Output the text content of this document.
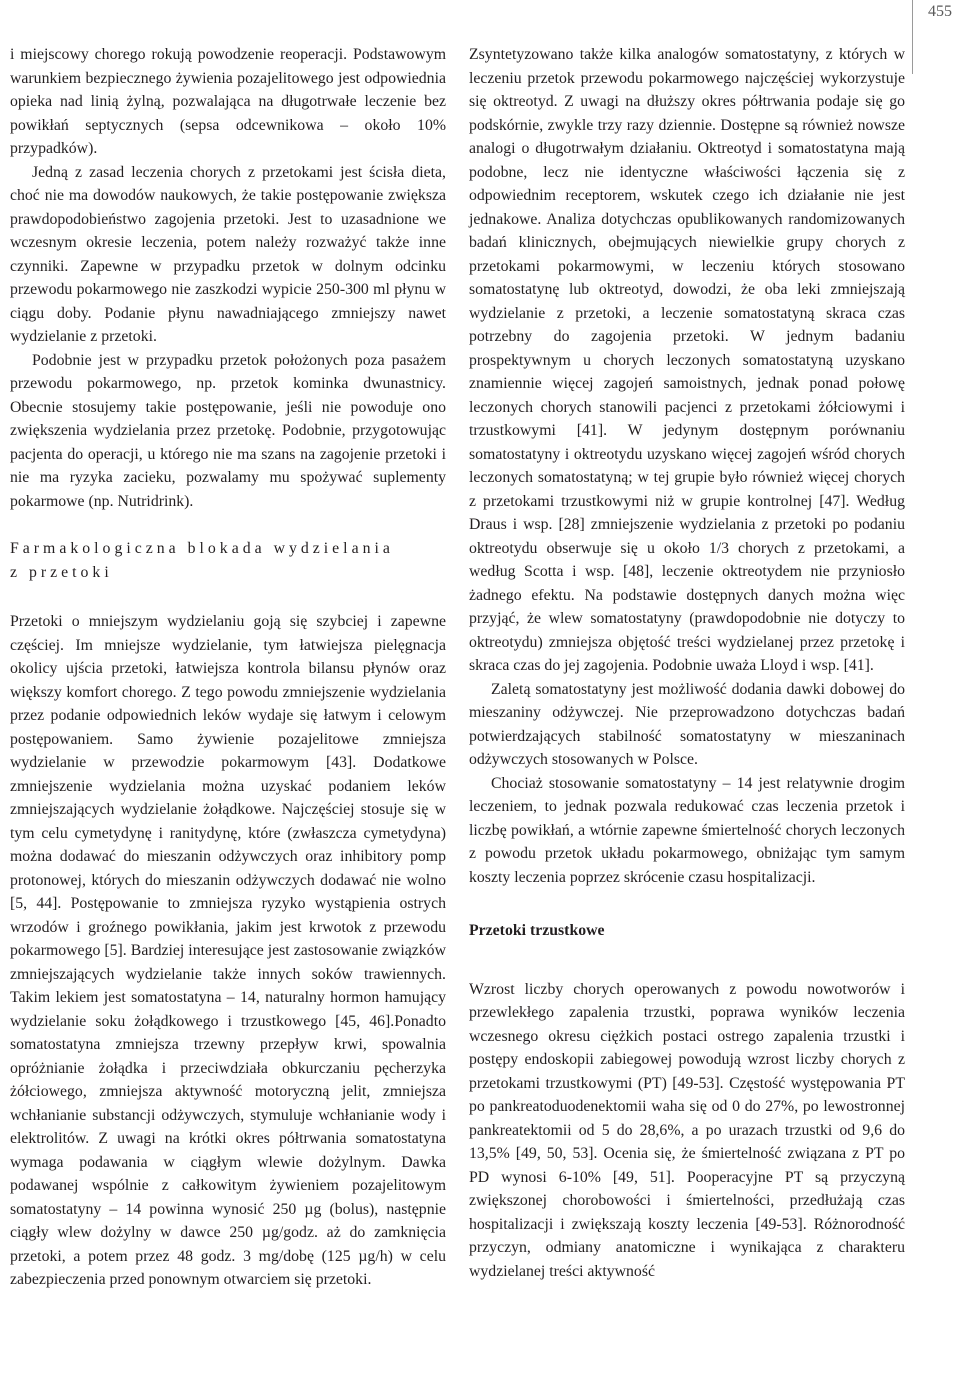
455

i miejscowy chorego rokują powodzenie reoperacji. Podstawowym warunkiem bezpiecznego żywienia pozajelitowego jest odpowiednia opieka nad linią żylną, pozwalająca na długotrwałe leczenie bez powikłań septycznych (sepsa odcewnikowa – około 10% przypadków).

Jedną z zasad leczenia chorych z przetokami jest ścisła dieta, choć nie ma dowodów naukowych, że takie postępowanie zwiększa prawdopodobieństwo zagojenia przetoki. Jest to uzasadnione we wczesnym okresie leczenia, potem należy rozważyć także inne czynniki. Zapewne w przypadku przetok w dolnym odcinku przewodu pokarmowego nie zaszkodzi wypicie 250-300 ml płynu w ciągu doby. Podanie płynu nawadniającego zmniejszy nawet wydzielanie z przetoki.

Podobnie jest w przypadku przetok położonych poza pasażem przewodu pokarmowego, np. przetok kominka dwunastnicy. Obecnie stosujemy takie postępowanie, jeśli nie powoduje ono zwiększenia wydzielania przez przetokę. Podobnie, przygotowując pacjenta do operacji, u którego nie ma szans na zagojenie przetoki i nie ma ryzyka zacieku, pozwalamy mu spożywać suplementy pokarmowe (np. Nutridrink).

Farmakologiczna blokada wydzielania
z przetoki

Przetoki o mniejszym wydzielaniu goją się szybciej i zapewne częściej. Im mniejsze wydzielanie, tym łatwiejsza pielęgnacja okolicy ujścia przetoki, łatwiejsza kontrola bilansu płynów oraz większy komfort chorego. Z tego powodu zmniejszenie wydzielania przez podanie odpowiednich leków wydaje się łatwym i celowym postępowaniem. Samo żywienie pozajelitowe zmniejsza wydzielanie w przewodzie pokarmowym [43]. Dodatkowe zmniejszenie wydzielania można uzyskać podaniem leków zmniejszających wydzielanie żołądkowe. Najczęściej stosuje się w tym celu cymetydynę i ranitydynę, które (zwłaszcza cymetydyna) można dodawać do mieszanin odżywczych oraz inhibitory pomp protonowej, których do mieszanin odżywczych dodawać nie wolno [5, 44]. Postępowanie to zmniejsza ryzyko wystąpienia ostrych wrzodów i groźnego powikłania, jakim jest krwotok z przewodu pokarmowego [5]. Bardziej interesujące jest zastosowanie związków zmniejszających wydzielanie także innych soków trawiennych. Takim lekiem jest somatostatyna – 14, naturalny hormon hamujący wydzielanie soku żołądkowego i trzustkowego [45, 46].Ponadto somatostatyna zmniejsza trzewny przepływ krwi, spowalnia opróżnianie żołądka i przeciwdziała obkurczaniu pęcherzyka żółciowego, zmniejsza aktywność motoryczną jelit, zmniejsza wchłanianie substancji odżywczych, stymuluje wchłanianie wody i elektrolitów. Z uwagi na krótki okres półtrwania somatostatyna wymaga podawania w ciągłym wlewie dożylnym. Dawka podawanej wspólnie z całkowitym żywieniem pozajelitowym somatostatyny – 14 powinna wynosić 250 µg (bolus), następnie ciągły wlew dożylny w dawce 250 µg/godz. aż do zamknięcia przetoki, a potem przez 48 godz. 3 mg/dobę (125 µg/h) w celu zabezpieczenia przed ponownym otwarciem się przetoki.

Zsyntetyzowano także kilka analogów somatostatyny, z których w leczeniu przetok przewodu pokarmowego najczęściej wykorzystuje się oktreotyd. Z uwagi na dłuższy okres półtrwania podaje się go podskórnie, zwykle trzy razy dziennie. Dostępne są również nowsze analogi o długotrwałym działaniu. Oktreotyd i somatostatyna mają podobne, lecz nie identyczne właściwości łączenia się z odpowiednim receptorem, wskutek czego ich działanie nie jest jednakowe. Analiza dotychczas opublikowanych randomizowanych badań klinicznych, obejmujących niewielkie grupy chorych z przetokami pokarmowymi, w leczeniu których stosowano somatostatynę lub oktreotyd, dowodzi, że oba leki zmniejszają wydzielanie z przetoki, a leczenie somatostatyną skraca czas potrzebny do zagojenia przetoki. W jednym badaniu prospektywnym u chorych leczonych somatostatyną uzyskano znamiennie więcej zagojeń samoistnych, jednak ponad połowę leczonych chorych stanowili pacjenci z przetokami żółciowymi i trzustkowymi [41]. W jedynym dostępnym porównaniu somatostatyny i oktreotydu uzyskano więcej zagojeń wśród chorych leczonych somatostatyną; w tej grupie było również więcej chorych z przetokami trzustkowymi niż w grupie kontrolnej [47]. Według Draus i wsp. [28] zmniejszenie wydzielania z przetoki po podaniu oktreotydu obserwuje się u około 1/3 chorych z przetokami, a według Scotta i wsp. [48], leczenie oktreotydem nie przyniosło żadnego efektu. Na podstawie dostępnych danych można więc przyjąć, że wlew somatostatyny (prawdopodobnie nie dotyczy to oktreotydu) zmniejsza objętość treści wydzielanej przez przetokę i skraca czas do jej zagojenia. Podobnie uważa Lloyd i wsp. [41].

Zaletą somatostatyny jest możliwość dodania dawki dobowej do mieszaniny odżywczej. Nie przeprowadzono dotychczas badań potwierdzających stabilność somatostatyny w mieszaninach odżywczych stosowanych w Polsce.

Chociaż stosowanie somatostatyny – 14 jest relatywnie drogim leczeniem, to jednak pozwala redukować czas leczenia przetok i liczbę powikłań, a wtórnie zapewne śmiertelność chorych leczonych z powodu przetok układu pokarmowego, obniżając tym samym koszty leczenia poprzez skrócenie czasu hospitalizacji.

Przetoki trzustkowe

Wzrost liczby chorych operowanych z powodu nowotworów i przewlekłego zapalenia trzustki, poprawa wyników leczenia wczesnego okresu ciężkich postaci ostrego zapalenia trzustki i postępy endoskopii zabiegowej powodują wzrost liczby chorych z przetokami trzustkowymi (PT) [49-53]. Częstość występowania PT po pankreatoduodenektomii waha się od 0 do 27%, po lewostronnej pankreatektomii od 5 do 28,6%, a po urazach trzustki od 9,6 do 13,5% [49, 50, 53]. Ocenia się, że śmiertelność związana z PT po PD wynosi 6-10% [49, 51]. Pooperacyjne PT są przyczyną zwiększonej chorobowości i śmiertelności, przedłużają czas hospitalizacji i zwiększają koszty leczenia [49-53]. Różnorodność przyczyn, odmiany anatomiczne i wynikająca z charakteru wydzielanej treści aktywność
